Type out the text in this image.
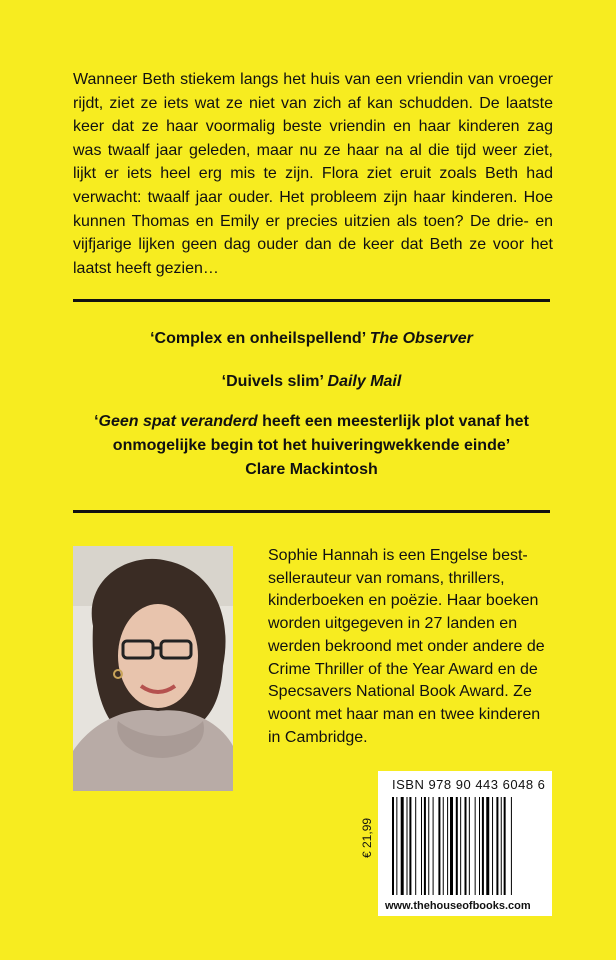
Wanneer Beth stiekem langs het huis van een vriendin van vroeger rijdt, ziet ze iets wat ze niet van zich af kan schudden. De laatste keer dat ze haar voormalig beste vriendin en haar kinderen zag was twaalf jaar geleden, maar nu ze haar na al die tijd weer ziet, lijkt er iets heel erg mis te zijn. Flora ziet eruit zoals Beth had verwacht: twaalf jaar ouder. Het probleem zijn haar kinderen. Hoe kunnen Thomas en Emily er precies uitzien als toen? De drie- en vijfjarige lijken geen dag ouder dan de keer dat Beth ze voor het laatst heeft gezien…

‘Complex en onheilspellend’ The Observer

‘Duivels slim’ Daily Mail

‘Geen spat veranderd heeft een meesterlijk plot vanaf het onmogelijke begin tot het huiveringwekkende einde’
Clare Mackintosh

Sophie Hannah is een Engelse bestsellerauteur van romans, thrillers, kinderboeken en poëzie. Haar boeken worden uitgegeven in 27 landen en werden bekroond met onder andere de Crime Thriller of the Year Award en de Specsavers National Book Award. Ze woont met haar man en twee kinderen in Cambridge.

ISBN 978 90 443 6048 6
www.thehouseofbooks.com
€ 21,99
